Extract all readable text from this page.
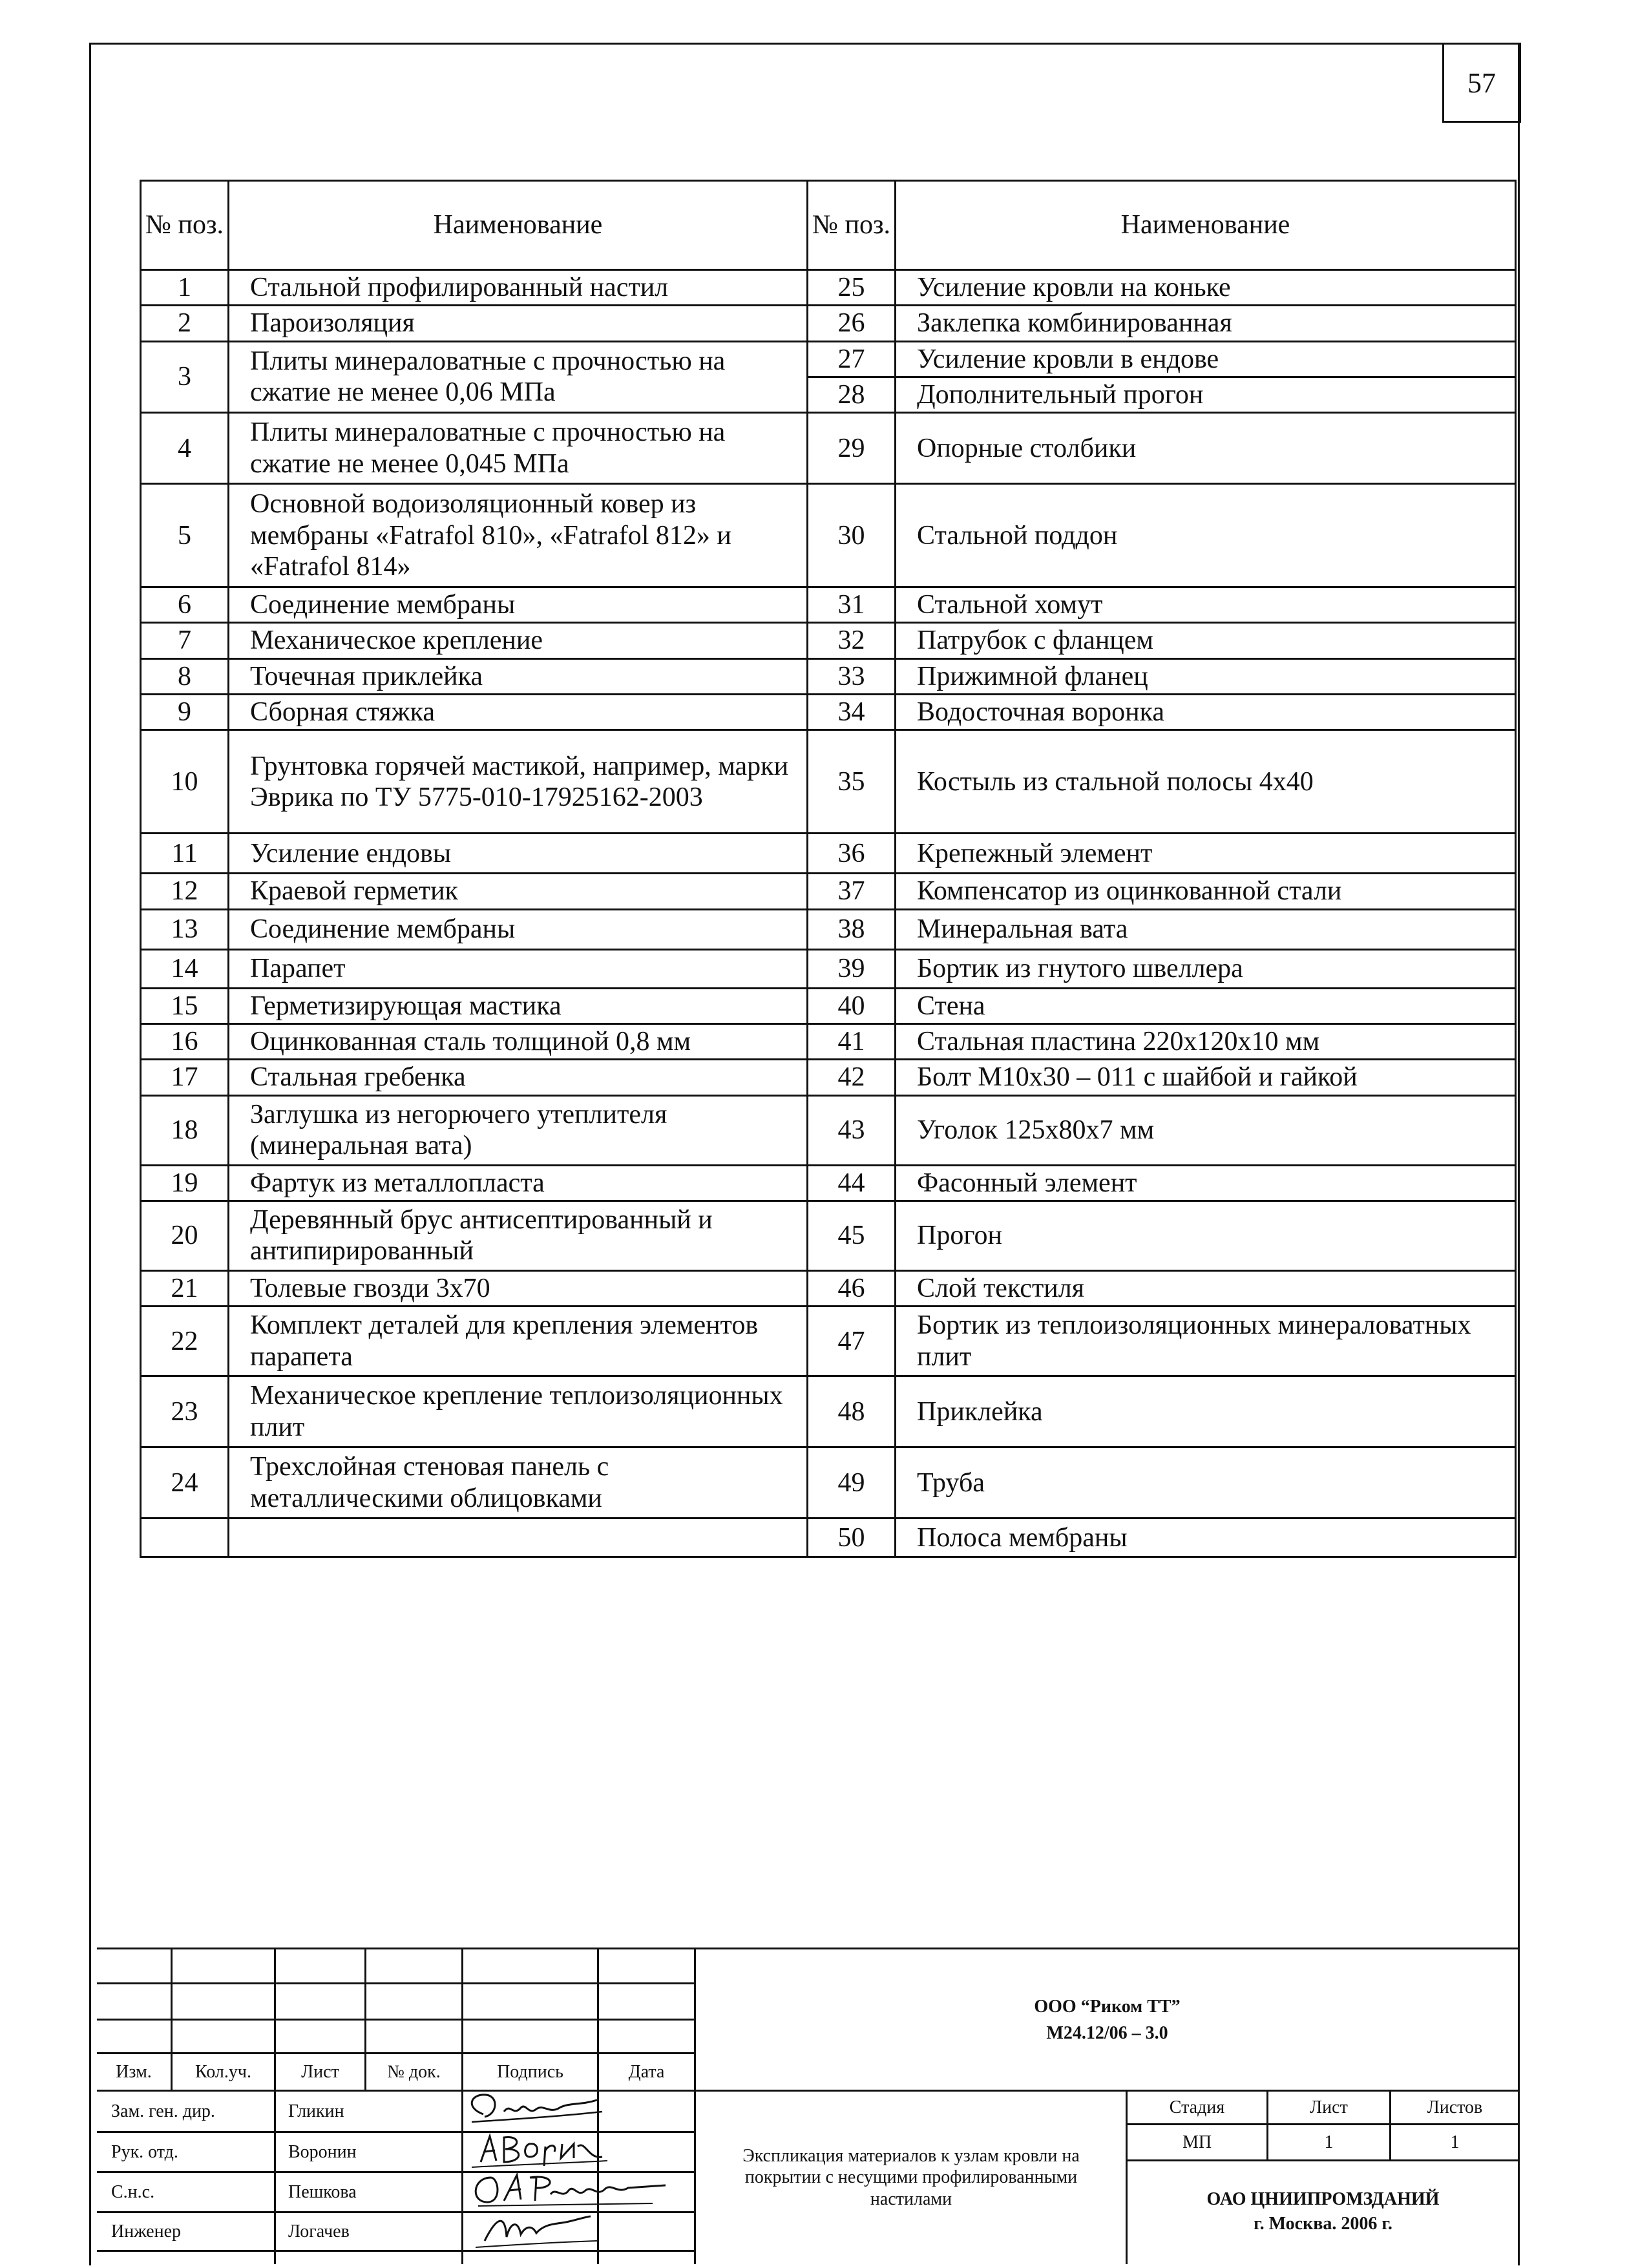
57
№ поз.	Наименование	№ поз.	Наименование
1	Стальной профилированный настил	25	Усиление кровли на коньке
2	Пароизоляция	26	Заклепка комбинированная
3	Плиты минераловатные с прочностью на сжатие не менее 0,06 МПа	27	Усиление кровли в ендове
		28	Дополнительный прогон
4	Плиты минераловатные с прочностью на сжатие не менее 0,045 МПа	29	Опорные столбики
5	Основной водоизоляционный ковер из мембраны «Fatrafol 810», «Fatrafol 812» и «Fatrafol 814»	30	Стальной поддон
6	Соединение мембраны	31	Стальной хомут
7	Механическое крепление	32	Патрубок с фланцем
8	Точечная приклейка	33	Прижимной фланец
9	Сборная стяжка	34	Водосточная воронка
10	Грунтовка горячей мастикой, например, марки Эврика по ТУ 5775-010-17925162-2003	35	Костыль из стальной полосы 4х40
11	Усиление ендовы	36	Крепежный элемент
12	Краевой герметик	37	Компенсатор из оцинкованной стали
13	Соединение мембраны	38	Минеральная вата
14	Парапет	39	Бортик из гнутого швеллера
15	Герметизирующая мастика	40	Стена
16	Оцинкованная сталь толщиной 0,8 мм	41	Стальная пластина 220х120х10 мм
17	Стальная гребенка	42	Болт М10х30 – 011 с шайбой и гайкой
18	Заглушка из негорючего утеплителя (минеральная вата)	43	Уголок 125х80х7 мм
19	Фартук из металлопласта	44	Фасонный элемент
20	Деревянный брус антисептированный и антипирированный	45	Прогон
21	Толевые гвозди 3х70	46	Слой текстиля
22	Комплект деталей для крепления элементов парапета	47	Бортик из теплоизоляционных минераловатных плит
23	Механическое крепление теплоизоляционных плит	48	Приклейка
24	Трехслойная стеновая панель с металлическими облицовками	49	Труба
		50	Полоса мембраны
Изм.	Кол.уч.	Лист	№ док.	Подпись	Дата
Зам. ген. дир.	Гликин
Рук. отд.	Воронин
С.н.с.	Пешкова
Инженер	Логачев
ООО “Риком ТТ”
М24.12/06 – 3.0
Экспликация материалов к узлам кровли на покрытии с несущими профилированными настилами
Стадия	Лист	Листов
МП	1	1
ОАО ЦНИИПРОМЗДАНИЙ
г. Москва. 2006 г.
